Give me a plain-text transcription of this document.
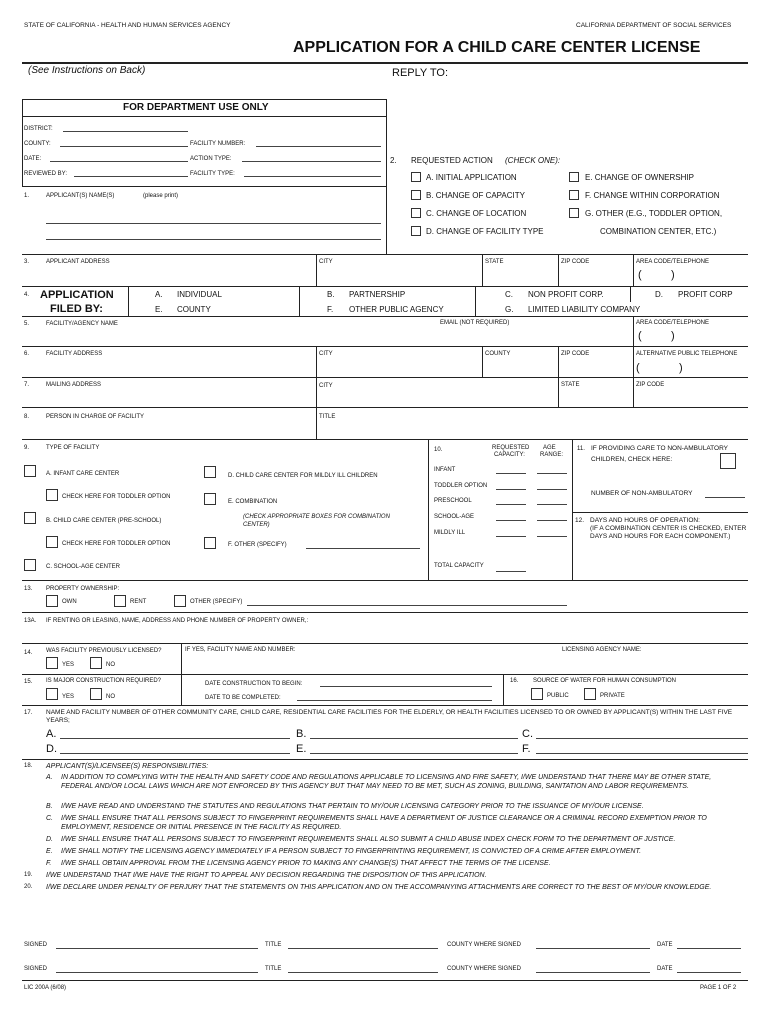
STATE OF CALIFORNIA - HEALTH AND HUMAN SERVICES AGENCY	CALIFORNIA DEPARTMENT OF SOCIAL SERVICES
APPLICATION FOR A CHILD CARE CENTER LICENSE
(See Instructions on Back)	REPLY TO:
FOR DEPARTMENT USE ONLY
DISTRICT:
COUNTY:	FACILITY NUMBER:
DATE:	ACTION TYPE:
REVIEWED BY:	FACILITY TYPE:
1.	APPLICANT(S) NAME(S)	(please print)
2. REQUESTED ACTION (CHECK ONE):
A. INITIAL APPLICATION
B. CHANGE OF CAPACITY
C. CHANGE OF LOCATION
D. CHANGE OF FACILITY TYPE
E. CHANGE OF OWNERSHIP
F. CHANGE WITHIN CORPORATION
G. OTHER (E.G., TODDLER OPTION,
COMBINATION CENTER, ETC.)
3.	APPLICANT ADDRESS	CITY	STATE	ZIP CODE	AREA CODE/TELEPHONE
(	)
4. APPLICATION
FILED BY:
A. INDIVIDUAL
E. COUNTY
B. PARTNERSHIP
F. OTHER PUBLIC AGENCY
C. NON PROFIT CORP.
G. LIMITED LIABILITY COMPANY
D. PROFIT CORP
5.	FACILITY/AGENCY NAME	EMAIL (NOT REQUIRED)	AREA CODE/TELEPHONE
(	)
6.	FACILITY ADDRESS	CITY	COUNTY	ZIP CODE	ALTERNATIVE PUBLIC TELEPHONE
(	)
7.	MAILING ADDRESS	CITY	STATE	ZIP CODE
8.	PERSON IN CHARGE OF FACILITY	TITLE
9.	TYPE OF FACILITY
A. INFANT CARE CENTER
CHECK HERE FOR TODDLER OPTION
B. CHILD CARE CENTER (PRE-SCHOOL)
CHECK HERE FOR TODDLER OPTION
C. SCHOOL-AGE CENTER
D. CHILD CARE CENTER FOR MILDLY ILL CHILDREN
E. COMBINATION
(CHECK APPROPRIATE BOXES FOR COMBINATION CENTER)
F. OTHER (SPECIFY)
10.	REQUESTED
CAPACITY:
AGE
RANGE:
INFANT
TODDLER OPTION
PRESCHOOL
SCHOOL-AGE
MILDLY ILL
TOTAL CAPACITY
11. IF PROVIDING CARE TO NON-AMBULATORY
CHILDREN, CHECK HERE:
NUMBER OF NON-AMBULATORY
12. DAYS AND HOURS OF OPERATION:
(IF A COMBINATION CENTER IS CHECKED, ENTER
DAYS AND HOURS FOR EACH COMPONENT.)
13. PROPERTY OWNERSHIP:
OWN	RENT	OTHER (SPECIFY)
13A. IF RENTING OR LEASING, NAME, ADDRESS AND PHONE NUMBER OF PROPERTY OWNER,:
14. WAS FACILITY PREVIOUSLY LICENSED?
YES	NO
IF YES, FACILITY NAME AND NUMBER:	LICENSING AGENCY NAME:
15. IS MAJOR CONSTRUCTION REQUIRED?
YES	NO
DATE CONSTRUCTION TO BEGIN:
DATE TO BE COMPLETED:
16. SOURCE OF WATER FOR HUMAN CONSUMPTION
PUBLIC	PRIVATE
17. NAME AND FACILITY NUMBER OF OTHER COMMUNITY CARE, CHILD CARE, RESIDENTIAL CARE FACILITIES FOR THE ELDERLY, OR HEALTH FACILITIES LICENSED TO OR OWNED BY APPLICANT(S) WITHIN THE LAST FIVE YEARS;
A.	B.	C.
D.	E.	F.
18. APPLICANT(S)/LICENSEE(S) RESPONSIBILITIES:
A. IN ADDITION TO COMPLYING WITH THE HEALTH AND SAFETY CODE AND REGULATIONS APPLICABLE TO LICENSING AND FIRE SAFETY, I/WE UNDERSTAND THAT THERE MAY BE OTHER STATE, FEDERAL AND/OR LOCAL LAWS WHICH ARE NOT ENFORCED BY THIS AGENCY BUT THAT MAY NEED TO BE MET, SUCH AS ZONING, BUILDING, SANITATION AND LABOR REQUIREMENTS.
B. I/WE HAVE READ AND UNDERSTAND THE STATUTES AND REGULATIONS THAT PERTAIN TO MY/OUR LICENSING CATEGORY PRIOR TO THE ISSUANCE OF MY/OUR LICENSE.
C. I/WE SHALL ENSURE THAT ALL PERSONS SUBJECT TO FINGERPRINT REQUIREMENTS SHALL HAVE A DEPARTMENT OF JUSTICE CLEARANCE OR A CRIMINAL RECORD EXEMPTION PRIOR TO EMPLOYMENT, RESIDENCE OR INITIAL PRESENCE IN THE FACILITY AS REQUIRED.
D. I/WE SHALL ENSURE THAT ALL PERSONS SUBJECT TO FINGERPRINT REQUIREMENTS SHALL ALSO SUBMIT A CHILD ABUSE INDEX CHECK FORM TO THE DEPARTMENT OF JUSTICE.
E. I/WE SHALL NOTIFY THE LICENSING AGENCY IMMEDIATELY IF A PERSON SUBJECT TO FINGERPRINTING REQUIREMENT, IS CONVICTED OF A CRIME AFTER EMPLOYMENT.
F. I/WE SHALL OBTAIN APPROVAL FROM THE LICENSING AGENCY PRIOR TO MAKING ANY CHANGE(S) THAT AFFECT THE TERMS OF THE LICENSE.
19. I/WE UNDERSTAND THAT I/WE HAVE THE RIGHT TO APPEAL ANY DECISION REGARDING THE DISPOSITION OF THIS APPLICATION.
20. I/WE DECLARE UNDER PENALTY OF PERJURY THAT THE STATEMENTS ON THIS APPLICATION AND ON THE ACCOMPANYING ATTACHMENTS ARE CORRECT TO THE BEST OF MY/OUR KNOWLEDGE.
SIGNED	TITLE	COUNTY WHERE SIGNED	DATE
SIGNED	TITLE	COUNTY WHERE SIGNED	DATE
LIC 200A (6/08)	PAGE 1 OF 2
